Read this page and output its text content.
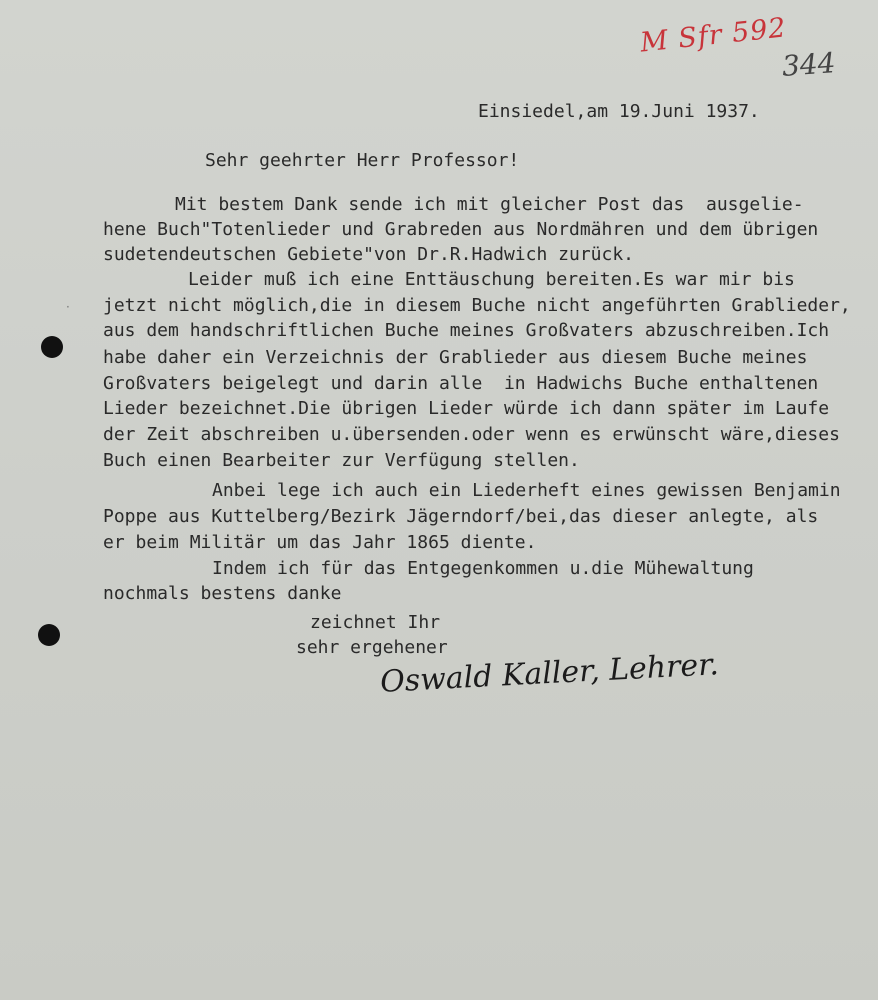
M Sfr 592
344
Einsiedel,am 19.Juni 1937.
Sehr geehrter Herr Professor!
Mit bestem Dank sende ich mit gleicher Post das  ausgelie-
hene Buch"Totenlieder und Grabreden aus Nordmähren und dem übrigen
sudetendeutschen Gebiete"von Dr.R.Hadwich zurück.
Leider muß ich eine Enttäuschung bereiten.Es war mir bis
jetzt nicht möglich,die in diesem Buche nicht angeführten Grablieder,
aus dem handschriftlichen Buche meines Großvaters abzuschreiben.Ich
habe daher ein Verzeichnis der Grablieder aus diesem Buche meines
Großvaters beigelegt und darin alle  in Hadwichs Buche enthaltenen
Lieder bezeichnet.Die übrigen Lieder würde ich dann später im Laufe
der Zeit abschreiben u.übersenden.oder wenn es erwünscht wäre,dieses
Buch einen Bearbeiter zur Verfügung stellen.
Anbei lege ich auch ein Liederheft eines gewissen Benjamin
Poppe aus Kuttelberg/Bezirk Jägerndorf/bei,das dieser anlegte, als
er beim Militär um das Jahr 1865 diente.
Indem ich für das Entgegenkommen u.die Mühewaltung
nochmals bestens danke
zeichnet Ihr
sehr ergehener
Oswald Kaller, Lehrer.
·
